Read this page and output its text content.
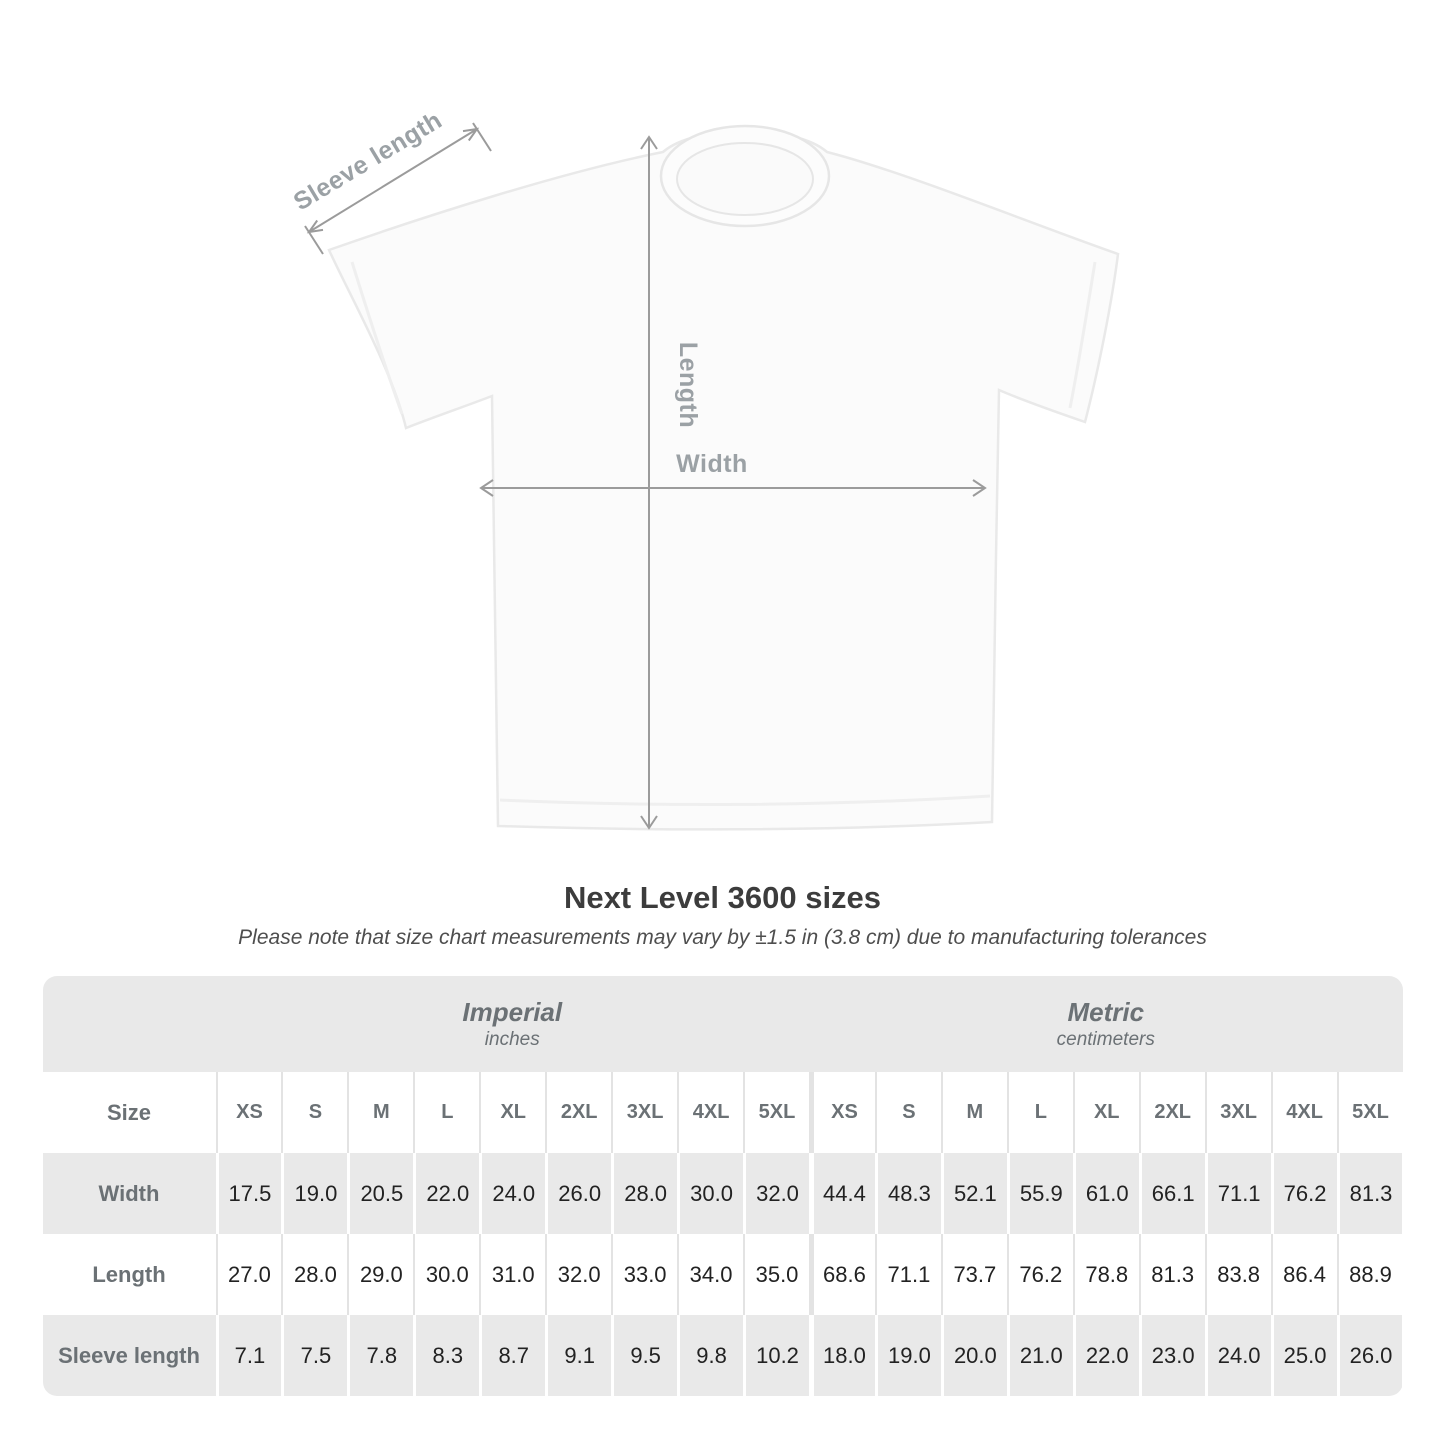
Sleeve length
Length
Width
Next Level 3600 sizes

Please note that size chart measurements may vary by ±1.5 in (3.8 cm) due to manufacturing tolerances

Imperial
inches
Metric
centimeters
Size	XS	S	M	L	XL	2XL	3XL	4XL	5XL	XS	S	M	L	XL	2XL	3XL	4XL	5XL
Width	17.5	19.0	20.5	22.0	24.0	26.0	28.0	30.0	32.0	44.4	48.3	52.1	55.9	61.0	66.1	71.1	76.2	81.3
Length	27.0	28.0	29.0	30.0	31.0	32.0	33.0	34.0	35.0	68.6 71.1	73.7	76.2	78.8	81.3	83.8	86.4	88.9
Sleeve length	7.1	7.5	7.8	8.3	8.7	9.1	9.5	9.8	10.2	18.0	19.0	20.0	21.0	22.0	23.0	24.0	25.0	26.0
